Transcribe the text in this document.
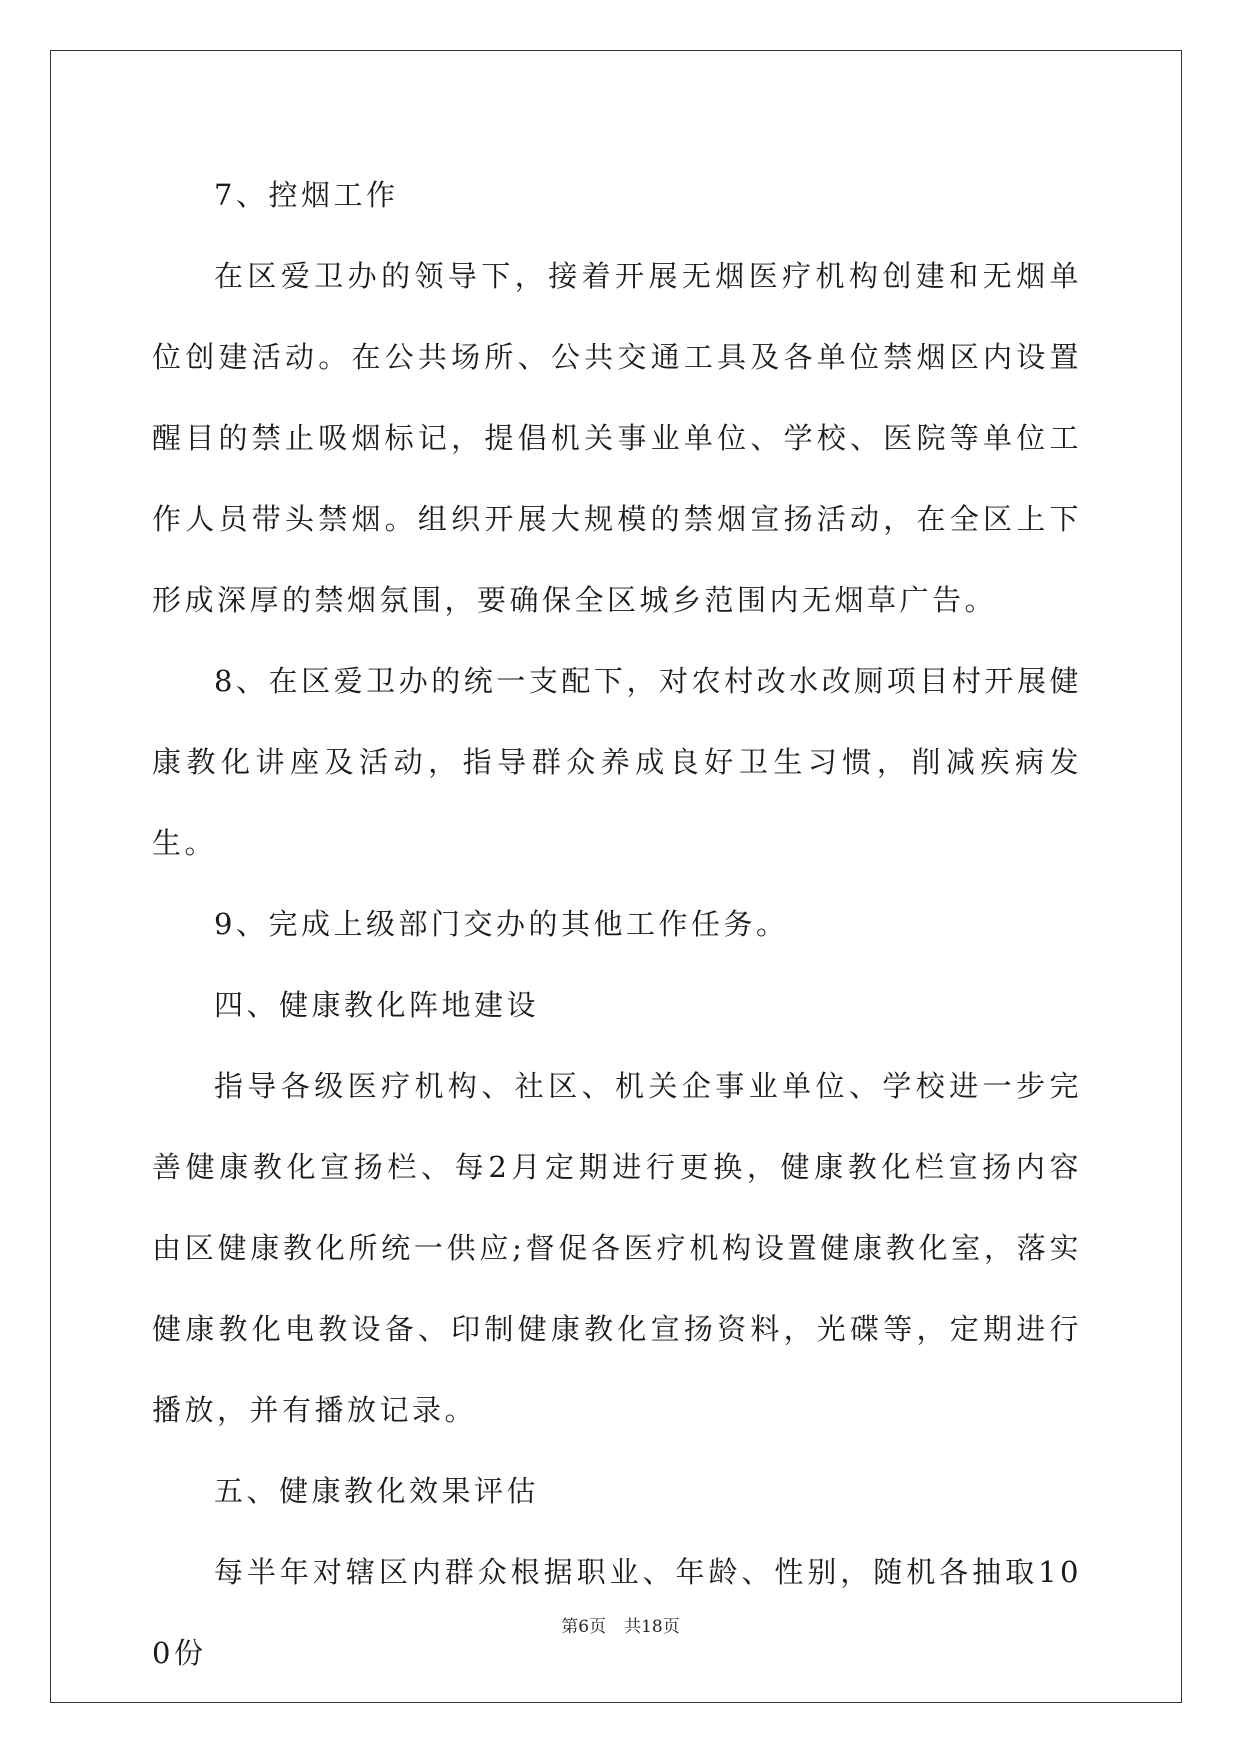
7、控烟工作

在区爱卫办的领导下，接着开展无烟医疗机构创建和无烟单位创建活动。在公共场所、公共交通工具及各单位禁烟区内设置醒目的禁止吸烟标记，提倡机关事业单位、学校、医院等单位工作人员带头禁烟。组织开展大规模的禁烟宣扬活动，在全区上下形成深厚的禁烟氛围，要确保全区城乡范围内无烟草广告。

8、在区爱卫办的统一支配下，对农村改水改厕项目村开展健康教化讲座及活动，指导群众养成良好卫生习惯，削减疾病发生。

9、完成上级部门交办的其他工作任务。

四、健康教化阵地建设

指导各级医疗机构、社区、机关企事业单位、学校进一步完善健康教化宣扬栏、每2月定期进行更换，健康教化栏宣扬内容由区健康教化所统一供应;督促各医疗机构设置健康教化室，落实健康教化电教设备、印制健康教化宣扬资料，光碟等，定期进行播放，并有播放记录。

五、健康教化效果评估

每半年对辖区内群众根据职业、年龄、性别，随机各抽取100份

第6页 共18页
